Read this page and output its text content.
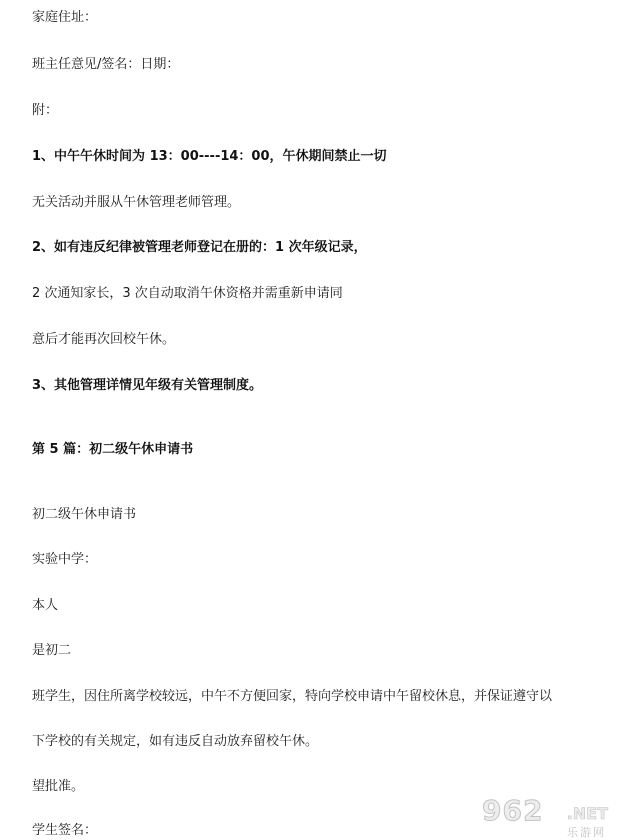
家庭住址：
班主任意见/签名：日期：
附：
1、中午午休时间为 13：00----14：00，午休期间禁止一切
无关活动并服从午休管理老师管理。
2、如有违反纪律被管理老师登记在册的：1 次年级记录，
2 次通知家长，3 次自动取消午休资格并需重新申请同
意后才能再次回校午休。
3、其他管理详情见年级有关管理制度。
第 5 篇：初二级午休申请书
初二级午休申请书
实验中学：
本人
是初二
班学生，因住所离学校较远，中午不方便回家，特向学校申请中午留校休息，并保证遵守以
下学校的有关规定，如有违反自动放弃留校午休。
望批准。
学生签名：
962 .NET
乐游网
